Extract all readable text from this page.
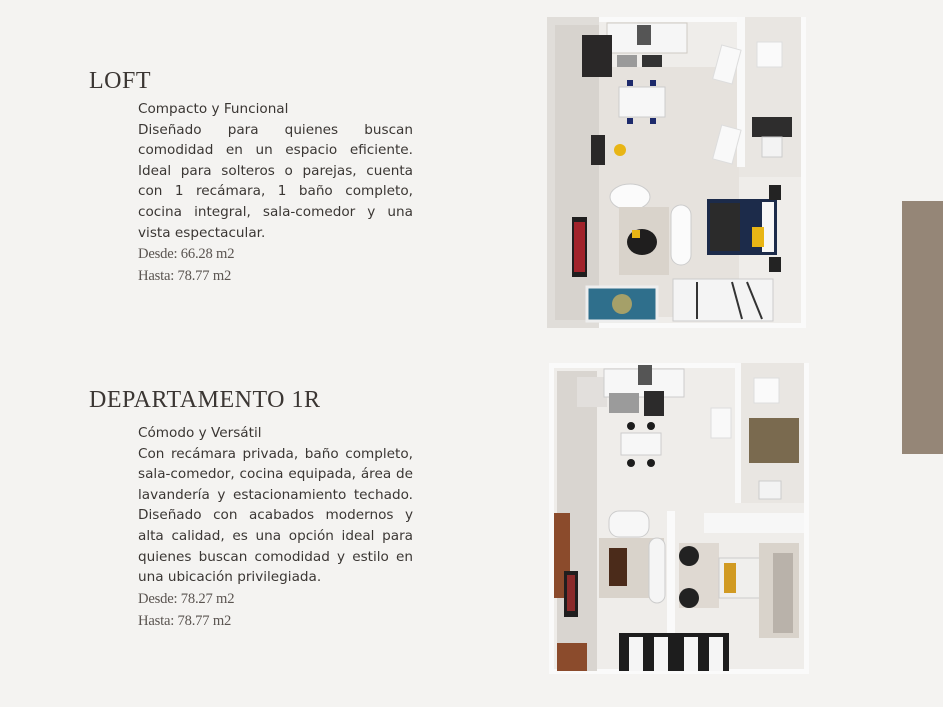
LOFT

Compacto y Funcional

Diseñado para quienes buscan comodidad en un espacio eficiente. Ideal para solteros o parejas, cuenta con 1 recámara, 1 baño completo, cocina integral, sala-comedor y una vista espectacular.

Desde: 66.28 m2

Hasta: 78.77 m2

DEPARTAMENTO 1R

Cómodo y Versátil

Con recámara privada, baño completo, sala-comedor, cocina equipada, área de lavandería y estacionamiento techado. Diseñado con acabados modernos y alta calidad, es una opción ideal para quienes buscan comodidad y estilo en una ubicación privilegiada.

Desde: 78.27 m2

Hasta: 78.77 m2
